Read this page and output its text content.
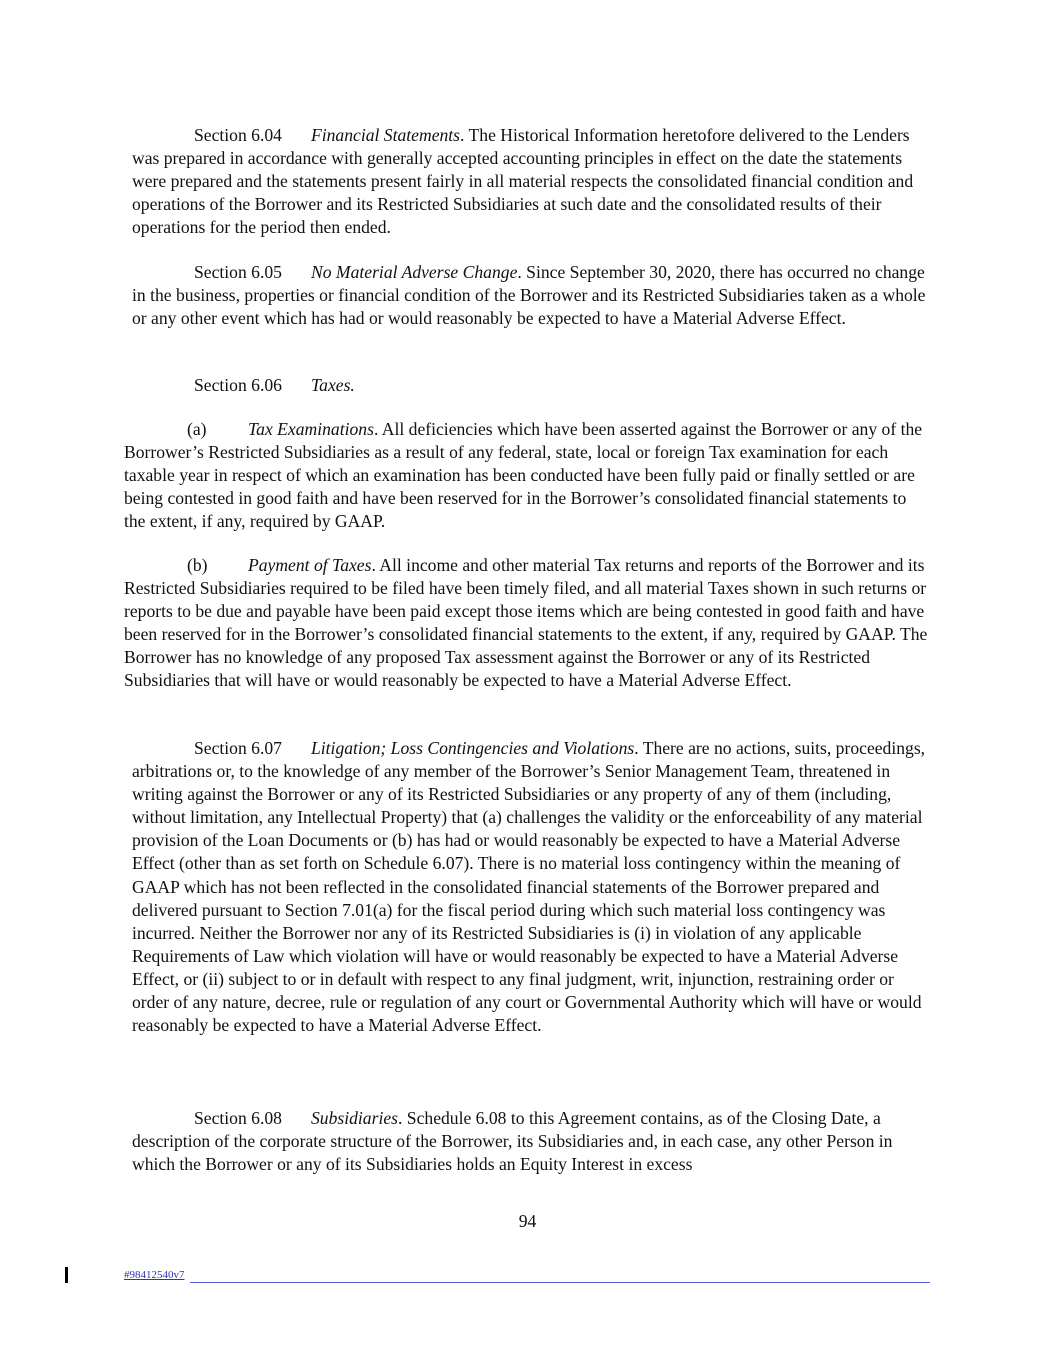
Section 6.04 Financial Statements. The Historical Information heretofore delivered to the Lenders was prepared in accordance with generally accepted accounting principles in effect on the date the statements were prepared and the statements present fairly in all material respects the consolidated financial condition and operations of the Borrower and its Restricted Subsidiaries at such date and the consolidated results of their operations for the period then ended.

Section 6.05 No Material Adverse Change. Since September 30, 2020, there has occurred no change in the business, properties or financial condition of the Borrower and its Restricted Subsidiaries taken as a whole or any other event which has had or would reasonably be expected to have a Material Adverse Effect.

Section 6.06 Taxes.

(a) Tax Examinations. All deficiencies which have been asserted against the Borrower or any of the Borrower’s Restricted Subsidiaries as a result of any federal, state, local or foreign Tax examination for each taxable year in respect of which an examination has been conducted have been fully paid or finally settled or are being contested in good faith and have been reserved for in the Borrower’s consolidated financial statements to the extent, if any, required by GAAP.

(b) Payment of Taxes. All income and other material Tax returns and reports of the Borrower and its Restricted Subsidiaries required to be filed have been timely filed, and all material Taxes shown in such returns or reports to be due and payable have been paid except those items which are being contested in good faith and have been reserved for in the Borrower’s consolidated financial statements to the extent, if any, required by GAAP. The Borrower has no knowledge of any proposed Tax assessment against the Borrower or any of its Restricted Subsidiaries that will have or would reasonably be expected to have a Material Adverse Effect.

Section 6.07 Litigation; Loss Contingencies and Violations. There are no actions, suits, proceedings, arbitrations or, to the knowledge of any member of the Borrower’s Senior Management Team, threatened in writing against the Borrower or any of its Restricted Subsidiaries or any property of any of them (including, without limitation, any Intellectual Property) that (a) challenges the validity or the enforceability of any material provision of the Loan Documents or (b) has had or would reasonably be expected to have a Material Adverse Effect (other than as set forth on Schedule 6.07). There is no material loss contingency within the meaning of GAAP which has not been reflected in the consolidated financial statements of the Borrower prepared and delivered pursuant to Section 7.01(a) for the fiscal period during which such material loss contingency was incurred. Neither the Borrower nor any of its Restricted Subsidiaries is (i) in violation of any applicable Requirements of Law which violation will have or would reasonably be expected to have a Material Adverse Effect, or (ii) subject to or in default with respect to any final judgment, writ, injunction, restraining order or order of any nature, decree, rule or regulation of any court or Governmental Authority which will have or would reasonably be expected to have a Material Adverse Effect.

Section 6.08 Subsidiaries. Schedule 6.08 to this Agreement contains, as of the Closing Date, a description of the corporate structure of the Borrower, its Subsidiaries and, in each case, any other Person in which the Borrower or any of its Subsidiaries holds an Equity Interest in excess

94
#98412540v7
